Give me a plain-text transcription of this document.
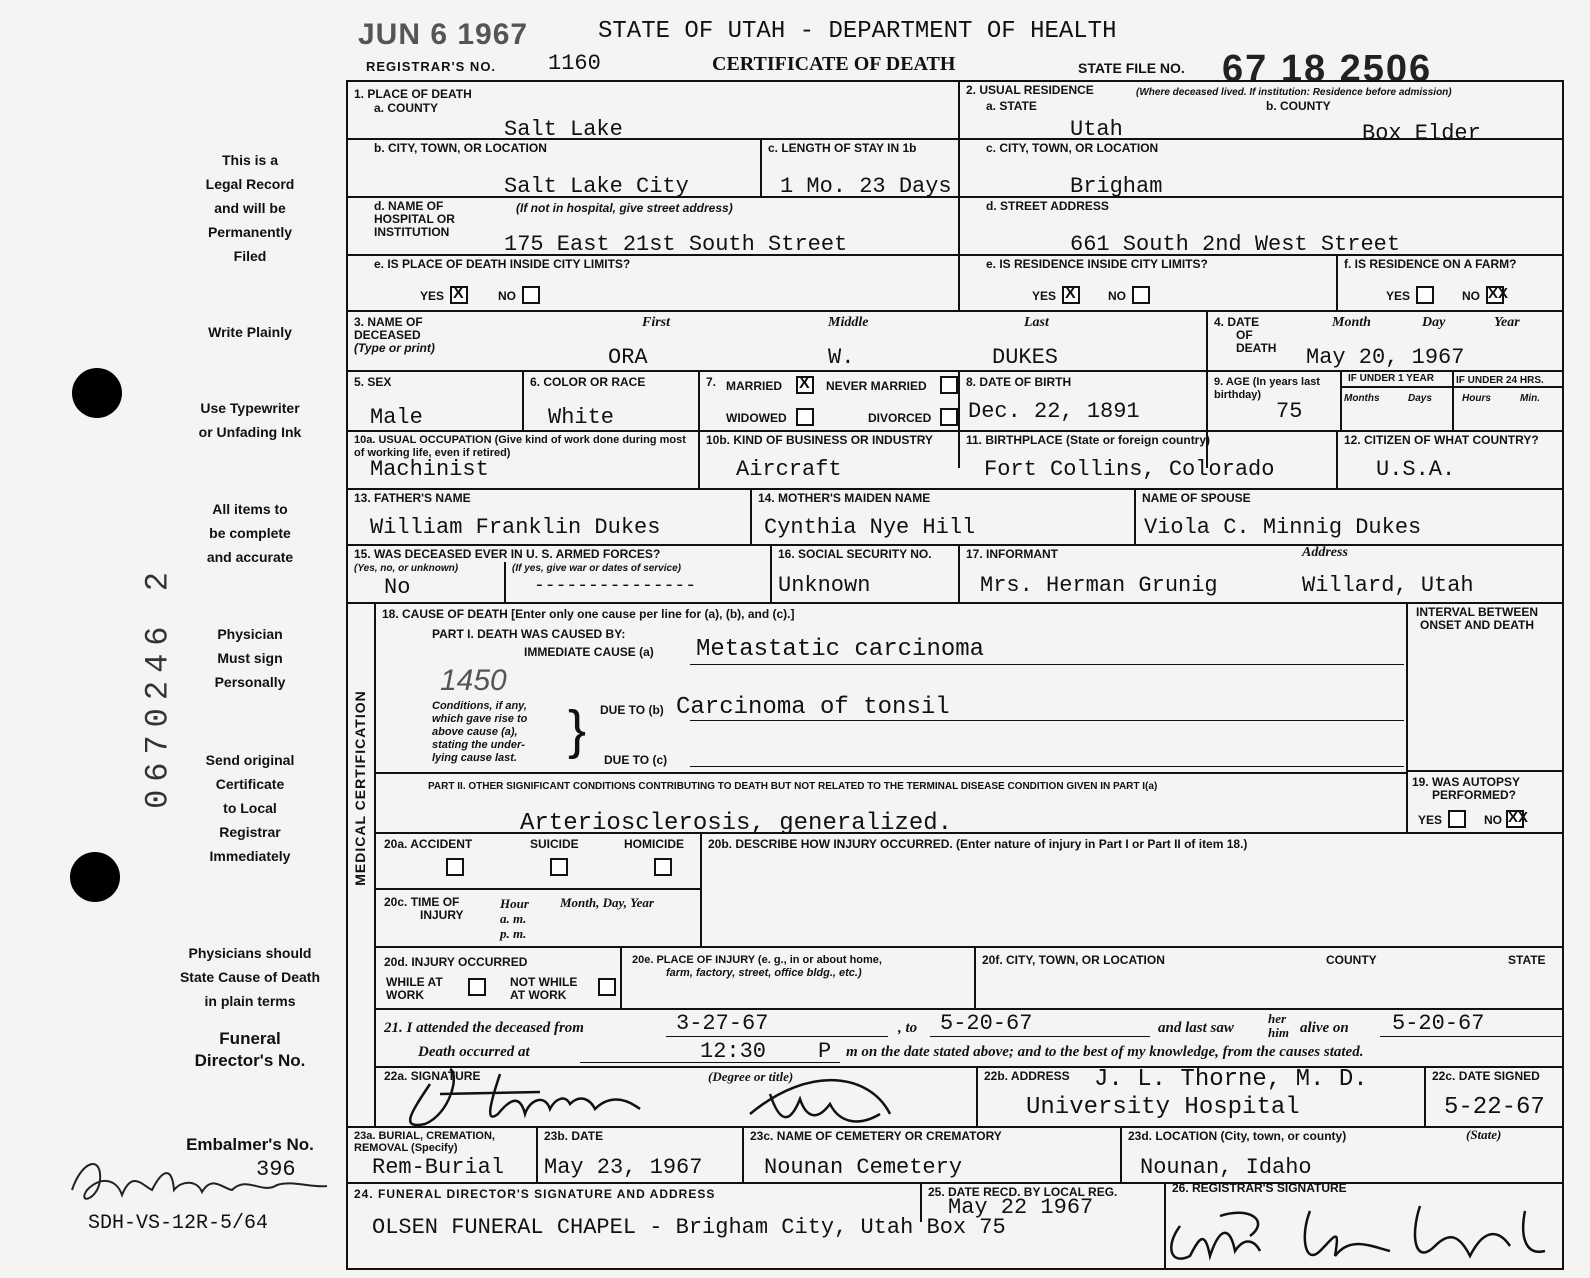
JUN 6 1967	STATE OF UTAH - DEPARTMENT OF HEALTH
REGISTRAR'S NO. 1160	CERTIFICATE OF DEATH	STATE FILE NO. 67 18 2506
This is a
Legal Record
and will be
Permanently
Filed
Write Plainly
Use Typewriter
or Unfading Ink
All items to
be complete
and accurate
Physician
Must sign
Personally
Send original
Certificate
to Local
Registrar
Immediately
Physicians should
State Cause of Death
in plain terms
Funeral
Director's No.
Embalmer's No.
396
SDH-VS-12R-5/64
0670246 2
1. PLACE OF DEATH
a. COUNTY
Salt Lake
b. CITY, TOWN, OR LOCATION
Salt Lake City
c. LENGTH OF STAY IN 1b
1 Mo. 23 Days
d. NAME OF
HOSPITAL OR
INSTITUTION
(If not in hospital, give street address)
175 East 21st South Street
e. IS PLACE OF DEATH INSIDE CITY LIMITS?
YES X	NO
2. USUAL RESIDENCE	(Where deceased lived. If institution: Residence before admission)
a. STATE	b. COUNTY
Utah	Box Elder
c. CITY, TOWN, OR LOCATION
Brigham
d. STREET ADDRESS
661 South 2nd West Street
e. IS RESIDENCE INSIDE CITY LIMITS?
YES X	NO
f. IS RESIDENCE ON A FARM?
YES	NO XX
3. NAME OF
DECEASED
(Type or print)
First	Middle	Last
ORA	W.	DUKES
4. DATE
OF
DEATH
Month	Day	Year
May 20, 1967
5. SEX
Male
6. COLOR OR RACE
White
7. MARRIED X NEVER MARRIED
WIDOWED	DIVORCED
8. DATE OF BIRTH
Dec. 22, 1891
9. AGE (In years last birthday)
75
IF UNDER 1 YEAR IF UNDER 24 HRS.
Months	Days	Hours	Min.
10a. USUAL OCCUPATION (Give kind of work done during most of working life, even if retired)
Machinist
10b. KIND OF BUSINESS OR INDUSTRY
Aircraft
11. BIRTHPLACE (State or foreign country)
Fort Collins, Colorado
12. CITIZEN OF WHAT COUNTRY?
U.S.A.
13. FATHER'S NAME
William Franklin Dukes
14. MOTHER'S MAIDEN NAME
Cynthia Nye Hill
NAME OF SPOUSE
Viola C. Minnig Dukes
15. WAS DECEASED EVER IN U. S. ARMED FORCES?
(Yes, no, or unknown)	(If yes, give war or dates of service)
No	---------------
16. SOCIAL SECURITY NO.
Unknown
17. INFORMANT	Address
Mrs. Herman Grunig	Willard, Utah
MEDICAL CERTIFICATION
18. CAUSE OF DEATH [Enter only one cause per line for (a), (b), and (c).]
PART I. DEATH WAS CAUSED BY:
IMMEDIATE CAUSE (a) Metastatic carcinoma
1450
Conditions, if any,
which gave rise to
above cause (a),
stating the under-
lying cause last. } DUE TO (b) Carcinoma of tonsil
DUE TO (c)
PART II. OTHER SIGNIFICANT CONDITIONS CONTRIBUTING TO DEATH BUT NOT RELATED TO THE TERMINAL DISEASE CONDITION GIVEN IN PART I(a)
Arteriosclerosis, generalized.
INTERVAL BETWEEN
ONSET AND DEATH
19. WAS AUTOPSY
PERFORMED?
YES	NO XX
20a. ACCIDENT	SUICIDE	HOMICIDE 20b. DESCRIBE HOW INJURY OCCURRED. (Enter nature of injury in Part I or Part II of item 18.)
20c. TIME OF
INJURY
Hour
a. m.
p. m.
Month, Day, Year
20d. INJURY OCCURRED
WHILE AT
WORK
NOT WHILE
AT WORK
20e. PLACE OF INJURY (e. g., in or about home,
farm, factory, street, office bldg., etc.)
20f. CITY, TOWN, OR LOCATION	COUNTY	STATE
21. I attended the deceased from	3-27-67	, to 5-20-67	and last saw
her
him alive on 5-20-67
Death occurred at	12:30 P m on the date stated above; and to the best of my knowledge, from the causes stated.
22a. SIGNATURE	(Degree or title)	22b. ADDRESS J. L. Thorne, M. D.
University Hospital
22c. DATE SIGNED
5-22-67
23a. BURIAL, CREMATION,
REMOVAL (Specify)
Rem-Burial
23b. DATE
May 23, 1967
23c. NAME OF CEMETERY OR CREMATORY
Nounan Cemetery
23d. LOCATION (City, town, or county)	(State)
Nounan, Idaho
24. FUNERAL DIRECTOR'S SIGNATURE AND ADDRESS
OLSEN FUNERAL CHAPEL - Brigham City, Utah Box 75
25. DATE RECD. BY LOCAL REG.
May 22 1967
26. REGISTRAR'S SIGNATURE
